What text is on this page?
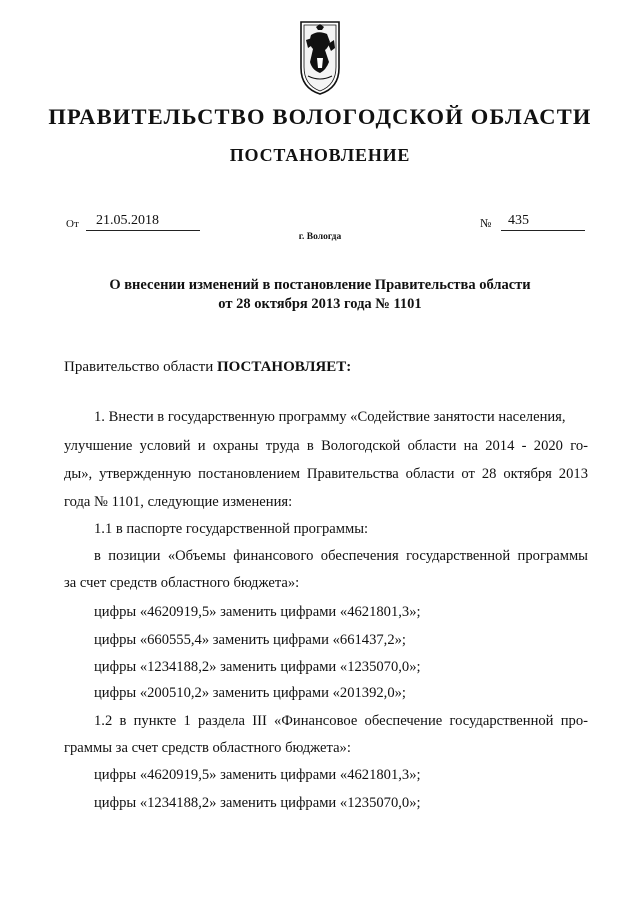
ПРАВИТЕЛЬСТВО ВОЛОГОДСКОЙ ОБЛАСТИ
ПОСТАНОВЛЕНИЕ
От 21.05.2018	№ 435
г. Вологда
О внесении изменений в постановление Правительства области
от 28 октября 2013 года № 1101
Правительство области ПОСТАНОВЛЯЕТ:
1. Внести в государственную программу «Содействие занятости населения,
улучшение условий и охраны труда в Вологодской области на 2014 - 2020 го-
ды», утвержденную постановлением Правительства области от 28 октября 2013
года № 1101, следующие изменения:
1.1 в паспорте государственной программы:
в позиции «Объемы финансового обеспечения государственной программы
за счет средств областного бюджета»:
цифры «4620919,5» заменить цифрами «4621801,3»;
цифры «660555,4» заменить цифрами «661437,2»;
цифры «1234188,2» заменить цифрами «1235070,0»;
цифры «200510,2» заменить цифрами «201392,0»;
1.2 в пункте 1 раздела III «Финансовое обеспечение государственной про-
граммы за счет средств областного бюджета»:
цифры «4620919,5» заменить цифрами «4621801,3»;
цифры «1234188,2» заменить цифрами «1235070,0»;
